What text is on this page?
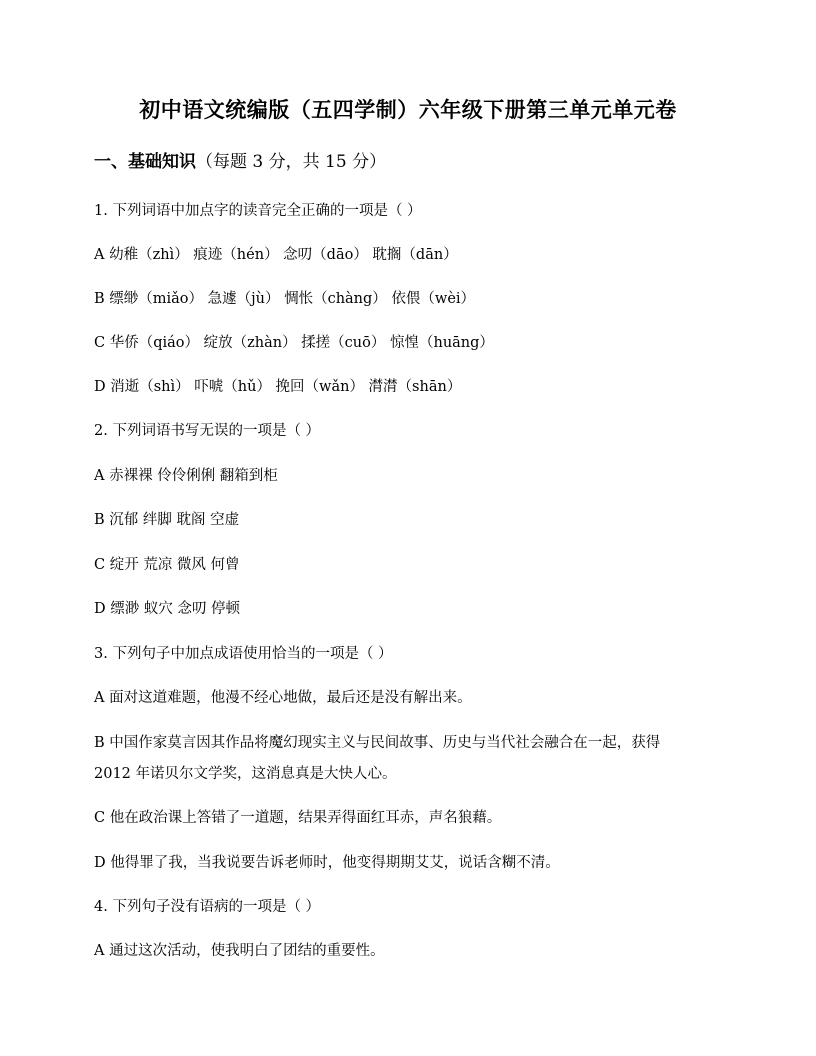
初中语文统编版（五四学制）六年级下册第三单元单元卷
一、基础知识（每题 3 分，共 15 分）
1. 下列词语中加点字的读音完全正确的一项是（ ）
A 幼稚（zhì） 痕迹（hén） 念叨（dāo） 耽搁（dān）
B 缥缈（miǎo） 急遽（jù） 惆怅（chàng） 依偎（wèi）
C 华侨（qiáo） 绽放（zhàn） 揉搓（cuō） 惊惶（huāng）
D 消逝（shì） 吓唬（hǔ） 挽回（wǎn） 潸潸（shān）
2. 下列词语书写无误的一项是（ ）
A 赤裸裸 伶伶俐俐 翻箱到柜
B 沉郁 绊脚 耽阁 空虚
C 绽开 荒凉 微风 何曾
D 缥渺 蚁穴 念叨 停顿
3. 下列句子中加点成语使用恰当的一项是（ ）
A 面对这道难题，他漫不经心地做，最后还是没有解出来。
B 中国作家莫言因其作品将魔幻现实主义与民间故事、历史与当代社会融合在一起，获得
2012 年诺贝尔文学奖，这消息真是大快人心。
C 他在政治课上答错了一道题，结果弄得面红耳赤，声名狼藉。
D 他得罪了我，当我说要告诉老师时，他变得期期艾艾，说话含糊不清。
4. 下列句子没有语病的一项是（ ）
A 通过这次活动，使我明白了团结的重要性。
